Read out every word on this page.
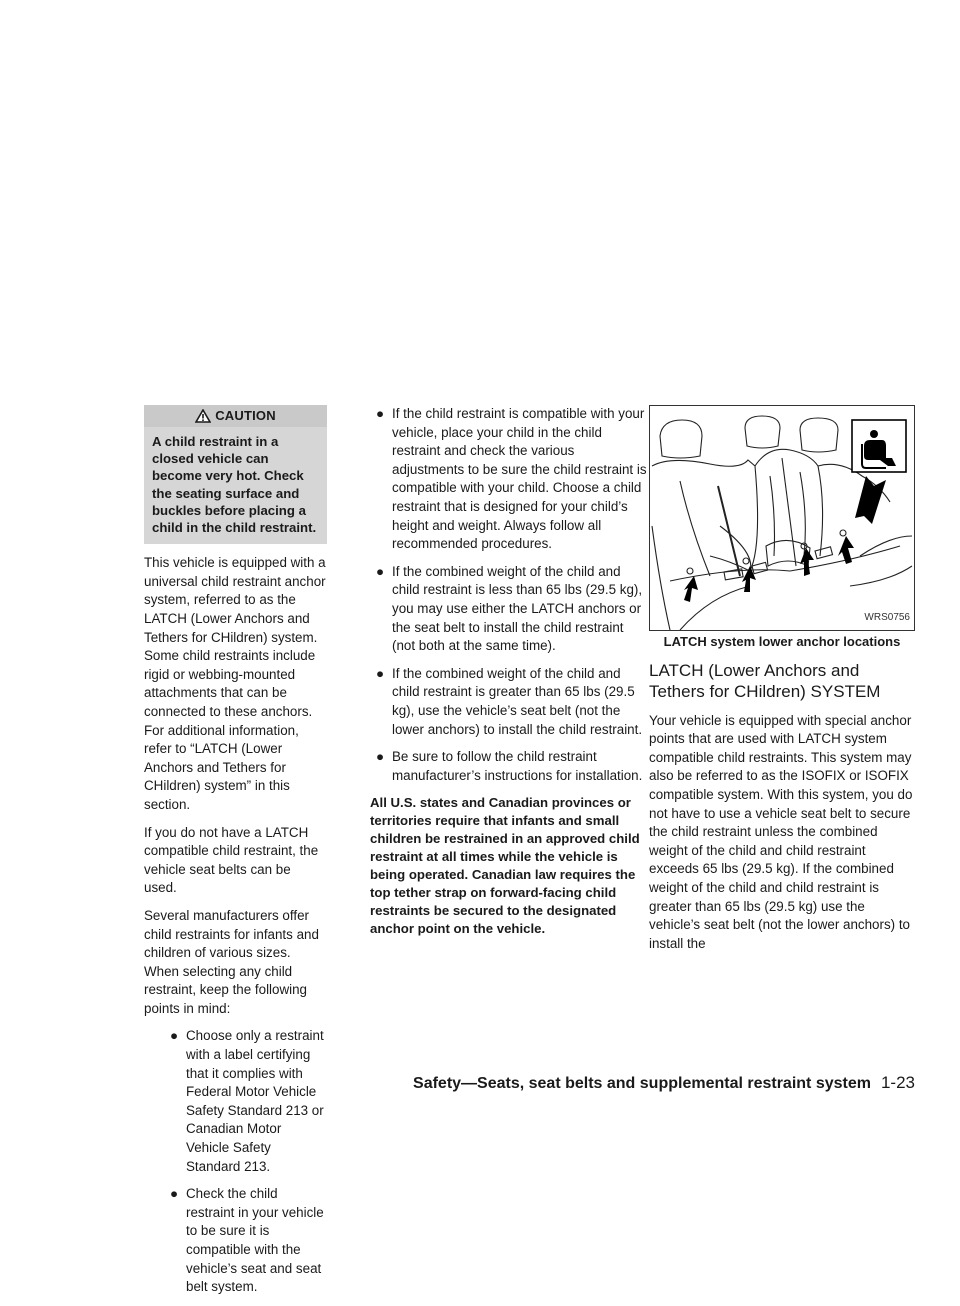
CAUTION
A child restraint in a closed vehicle can become very hot. Check the seating surface and buckles before placing a child in the child restraint.

This vehicle is equipped with a universal child restraint anchor system, referred to as the LATCH (Lower Anchors and Tethers for CHildren) system. Some child restraints include rigid or webbing-mounted attachments that can be connected to these anchors. For additional information, refer to “LATCH (Lower Anchors and Tethers for CHildren) system” in this section.

If you do not have a LATCH compatible child restraint, the vehicle seat belts can be used.

Several manufacturers offer child restraints for infants and children of various sizes. When selecting any child restraint, keep the following points in mind:

● Choose only a restraint with a label certifying that it complies with Federal Motor Vehicle Safety Standard 213 or Canadian Motor Vehicle Safety Standard 213.
● Check the child restraint in your vehicle to be sure it is compatible with the vehicle’s seat and seat belt system.
● If the child restraint is compatible with your vehicle, place your child in the child restraint and check the various adjustments to be sure the child restraint is compatible with your child. Choose a child restraint that is designed for your child’s height and weight. Always follow all recommended procedures.
● If the combined weight of the child and child restraint is less than 65 lbs (29.5 kg), you may use either the LATCH anchors or the seat belt to install the child restraint (not both at the same time).
● If the combined weight of the child and child restraint is greater than 65 lbs (29.5 kg), use the vehicle’s seat belt (not the lower anchors) to install the child restraint.
● Be sure to follow the child restraint manufacturer’s instructions for installation.

All U.S. states and Canadian provinces or territories require that infants and small children be restrained in an approved child restraint at all times while the vehicle is being operated. Canadian law requires the top tether strap on forward-facing child restraints be secured to the designated anchor point on the vehicle.

WRS0756
LATCH system lower anchor locations
LATCH (Lower Anchors and Tethers for CHildren) SYSTEM

Your vehicle is equipped with special anchor points that are used with LATCH system compatible child restraints. This system may also be referred to as the ISOFIX or ISOFIX compatible system. With this system, you do not have to use a vehicle seat belt to secure the child restraint unless the combined weight of the child and child restraint exceeds 65 lbs (29.5 kg). If the combined weight of the child and child restraint is greater than 65 lbs (29.5 kg) use the vehicle’s seat belt (not the lower anchors) to install the

Safety—Seats, seat belts and supplemental restraint system 1-23
